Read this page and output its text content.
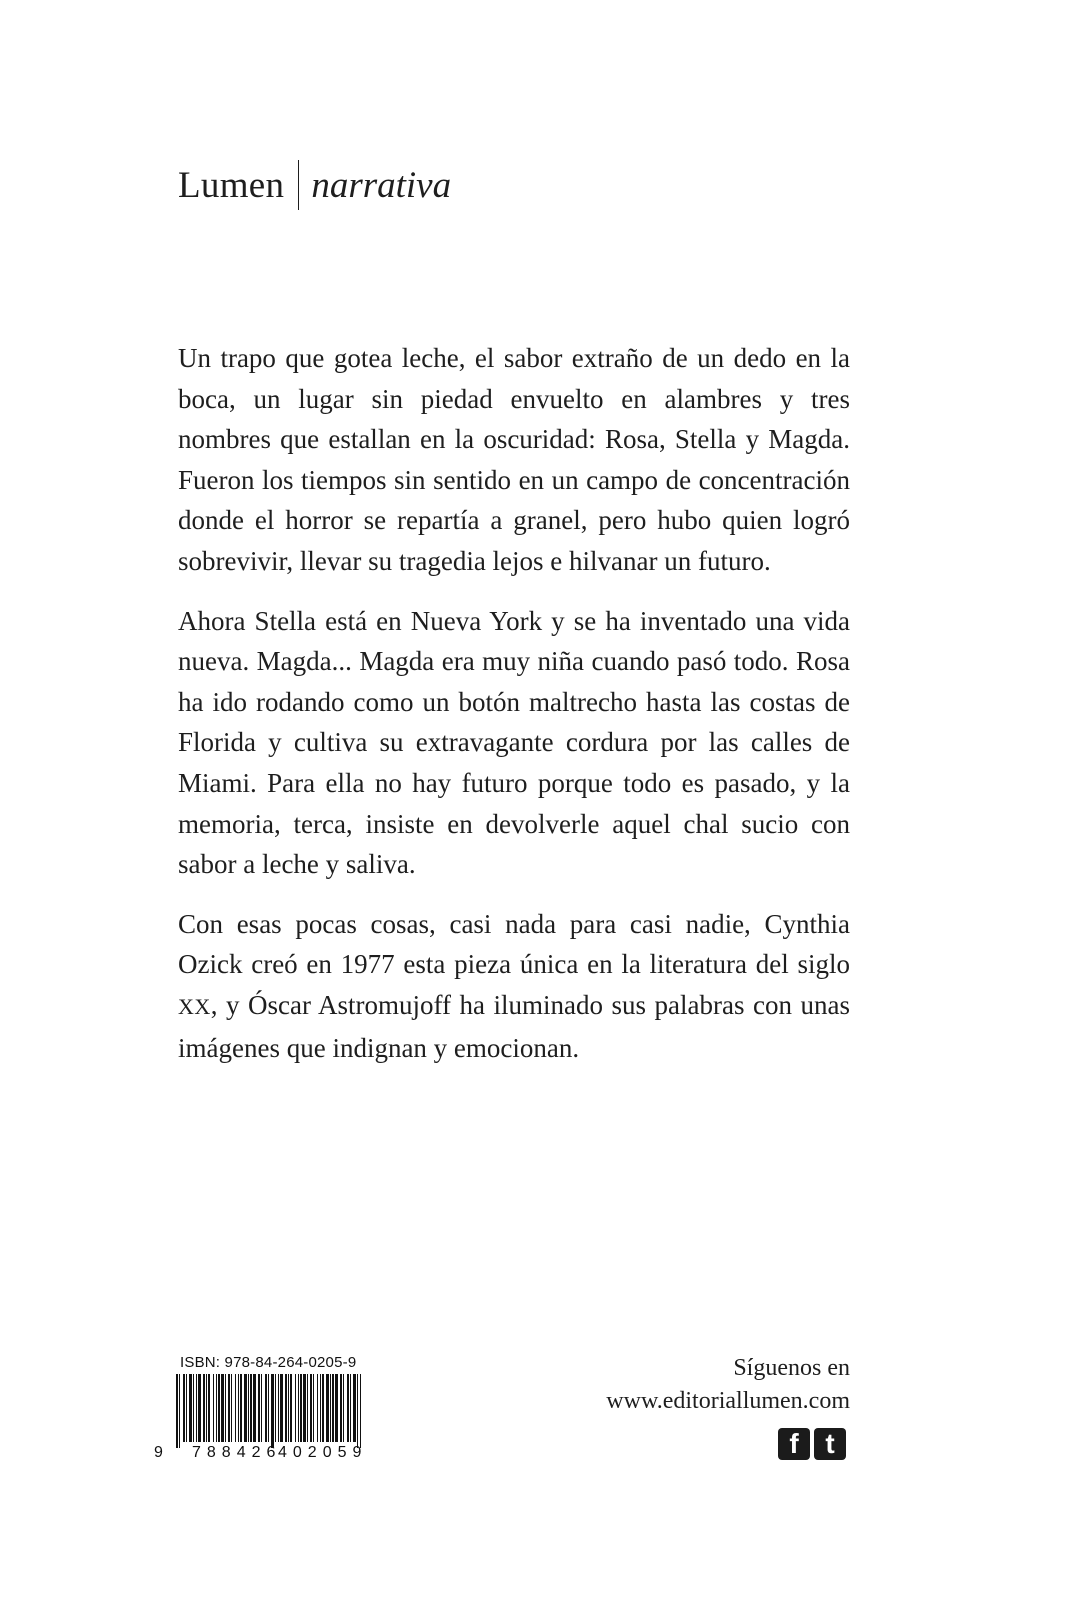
Lumen narrativa

Un trapo que gotea leche, el sabor extraño de un dedo en la boca, un lugar sin piedad envuelto en alambres y tres nombres que estallan en la oscuridad: Rosa, Stella y Magda. Fueron los tiempos sin sentido en un campo de concentración donde el horror se repartía a granel, pero hubo quien logró sobrevivir, llevar su tragedia lejos e hilvanar un futuro.

Ahora Stella está en Nueva York y se ha inventado una vida nueva. Magda... Magda era muy niña cuando pasó todo. Rosa ha ido rodando como un botón maltrecho hasta las costas de Florida y cultiva su extravagante cordura por las calles de Miami. Para ella no hay futuro porque todo es pasado, y la memoria, terca, insiste en devolverle aquel chal sucio con sabor a leche y saliva.

Con esas pocas cosas, casi nada para casi nadie, Cynthia Ozick creó en 1977 esta pieza única en la literatura del siglo XX, y Óscar Astromujoff ha iluminado sus palabras con unas imágenes que indignan y emocionan.

ISBN: 978-84-264-0205-9
9 788426
402059
Síguenos en
www.editoriallumen.com
f t
